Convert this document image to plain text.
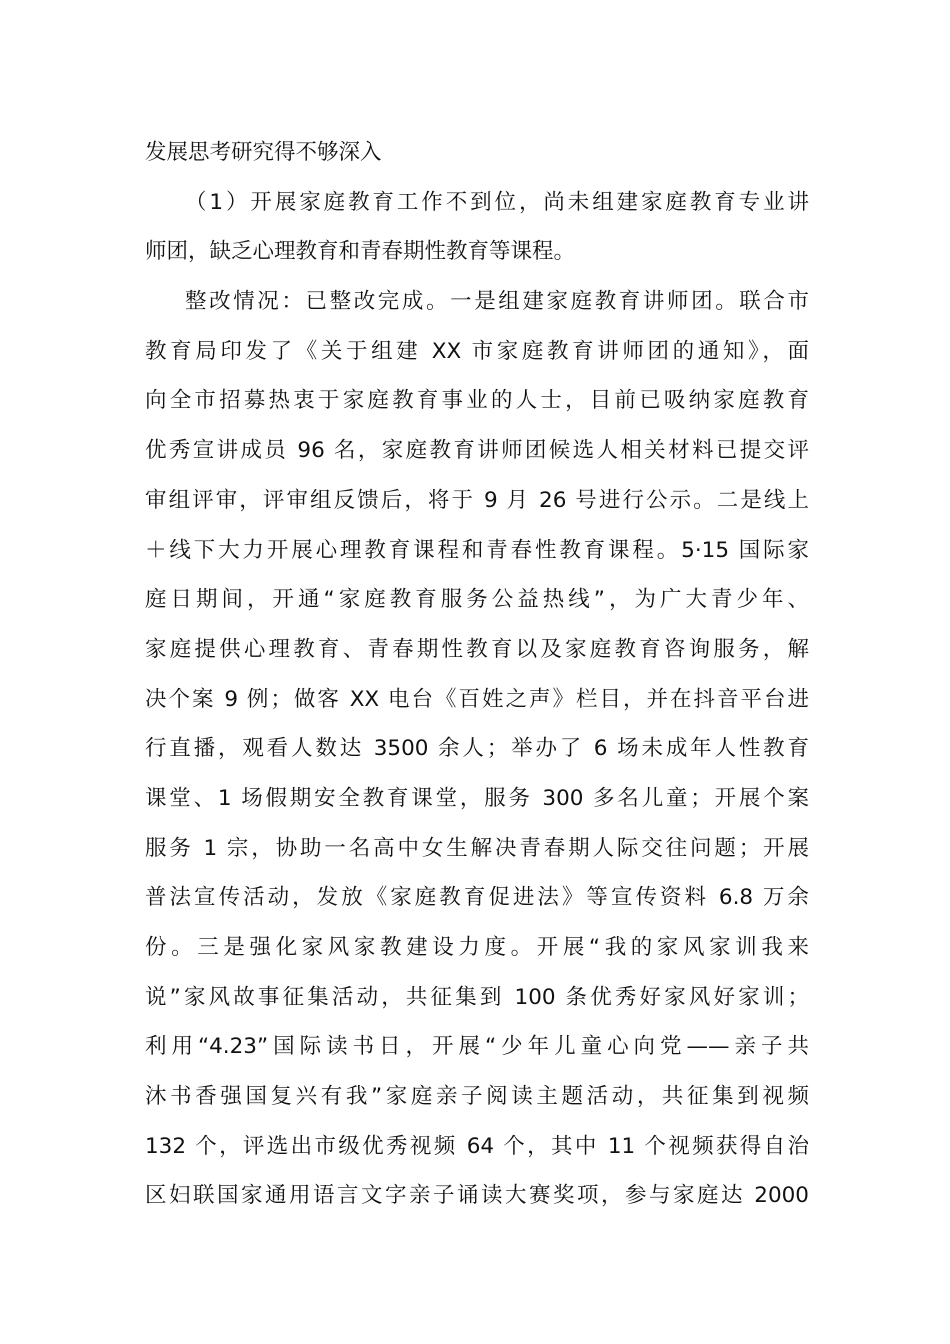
发展思考研究得不够深入
（1）开展家庭教育工作不到位，尚未组建家庭教育专业讲
师团，缺乏心理教育和青春期性教育等课程。
整改情况：已整改完成。一是组建家庭教育讲师团。联合市
教育局印发了《关于组建 XX 市家庭教育讲师团的通知》，面
向全市招募热衷于家庭教育事业的人士，目前已吸纳家庭教育
优秀宣讲成员 96 名，家庭教育讲师团候选人相关材料已提交评
审组评审，评审组反馈后，将于 9 月 26 号进行公示。二是线上
＋线下大力开展心理教育课程和青春性教育课程。5·15 国际家
庭日期间，开通“家庭教育服务公益热线”，为广大青少年、
家庭提供心理教育、青春期性教育以及家庭教育咨询服务，解
决个案 9 例；做客 XX 电台《百姓之声》栏目，并在抖音平台进
行直播，观看人数达 3500 余人；举办了 6 场未成年人性教育
课堂、1 场假期安全教育课堂，服务 300 多名儿童；开展个案
服务 1 宗，协助一名高中女生解决青春期人际交往问题；开展
普法宣传活动，发放《家庭教育促进法》等宣传资料 6.8 万余
份。三是强化家风家教建设力度。开展“我的家风家训我来
说”家风故事征集活动，共征集到 100 条优秀好家风好家训；
利用“4.23”国际读书日，开展“少年儿童心向党——亲子共
沐书香强国复兴有我”家庭亲子阅读主题活动，共征集到视频
132 个，评选出市级优秀视频 64 个，其中 11 个视频获得自治
区妇联国家通用语言文字亲子诵读大赛奖项，参与家庭达 2000
